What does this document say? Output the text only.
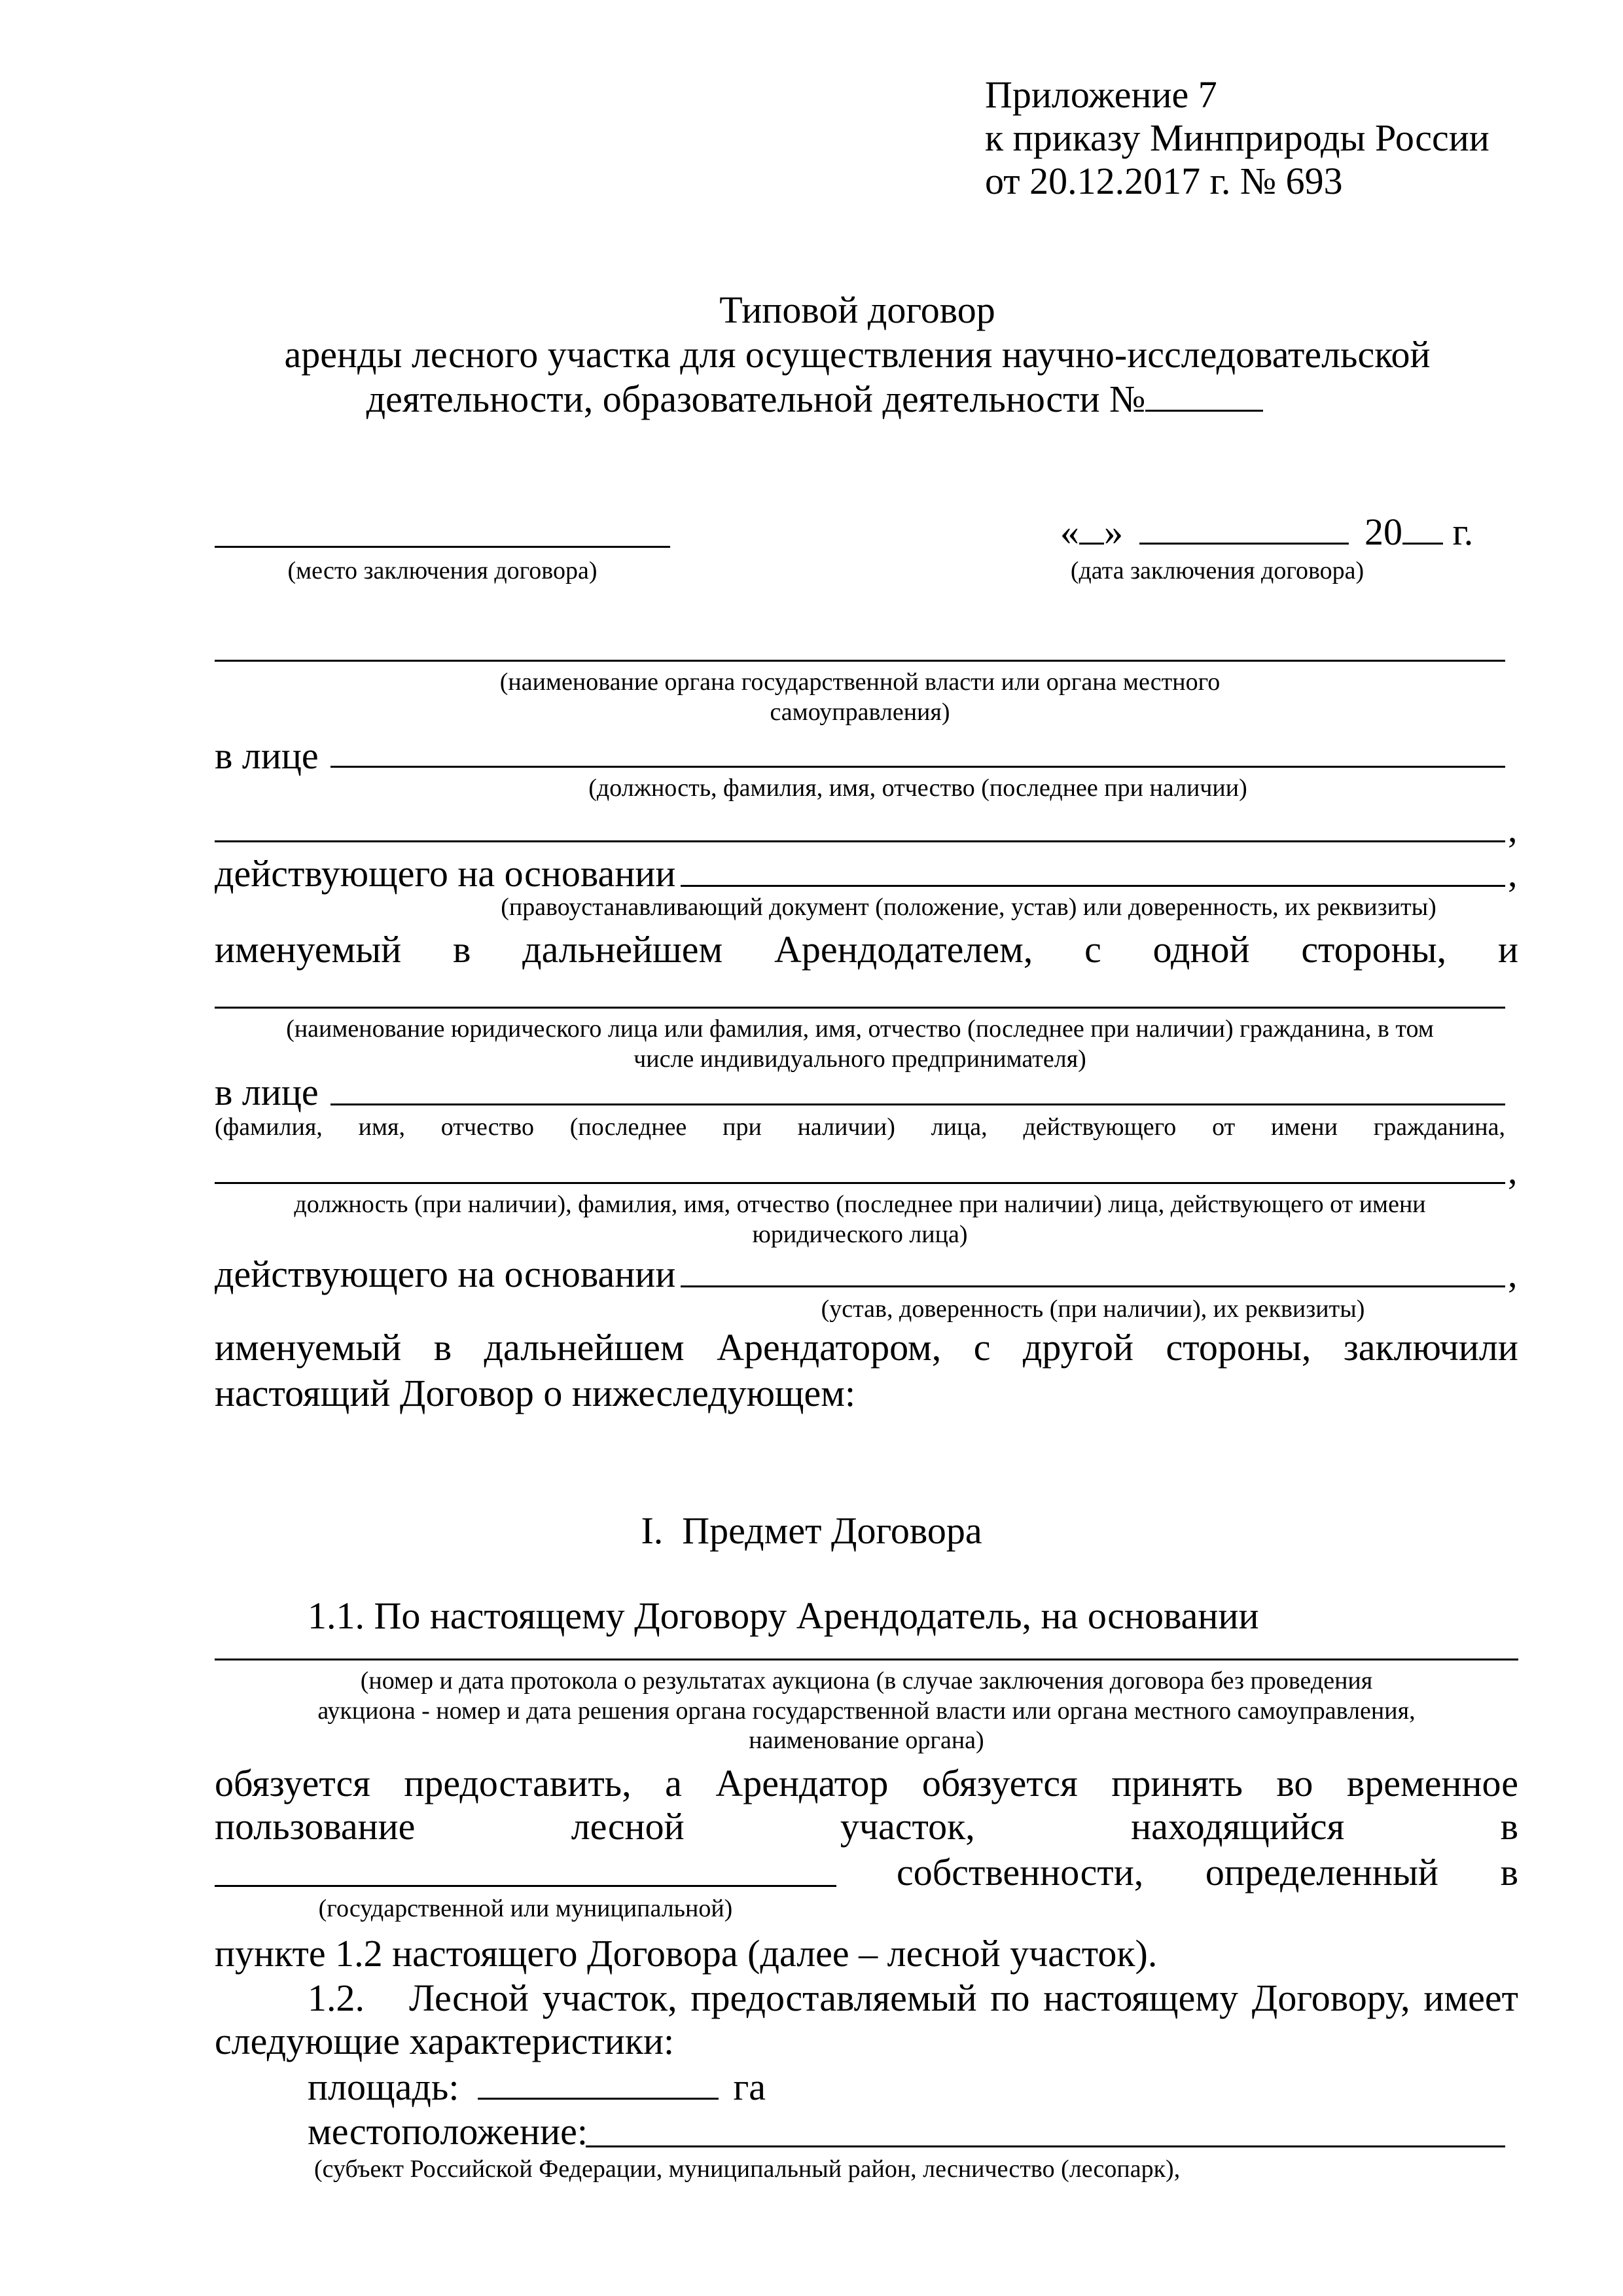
Приложение 7
к приказу Минприроды России
от 20.12.2017 г. № 693
Типовой договор
аренды лесного участка для осуществления научно-исследовательской
деятельности, образовательной деятельности №
« »	20 г.
(место заключения договора)	(дата заключения договора)
(наименование органа государственной власти или органа местного
самоуправления)
в лице
(должность, фамилия, имя, отчество (последнее при наличии)
,
действующего на основании	,
(правоустанавливающий документ (положение, устав) или доверенность, их реквизиты)
именуемый в дальнейшем Арендодателем, с одной стороны, и
(наименование юридического лица или фамилия, имя, отчество (последнее при наличии) гражданина, в том
числе индивидуального предпринимателя)
в лице
(фамилия, имя, отчество (последнее при наличии) лица, действующего от имени гражданина,
,
должность (при наличии), фамилия, имя, отчество (последнее при наличии) лица, действующего от имени
юридического лица)
действующего на основании	,
(устав, доверенность (при наличии), их реквизиты)
именуемый в дальнейшем Арендатором, с другой стороны, заключили
настоящий Договор о нижеследующем:
I.  Предмет Договора
1.1. По настоящему Договору Арендодатель, на основании
(номер и дата протокола о результатах аукциона (в случае заключения договора без проведения
аукциона - номер и дата решения органа государственной власти или органа местного самоуправления,
наименование органа)
обязуется предоставить, а Арендатор обязуется принять во временное
пользование	лесной	участок,	находящийся	в
собственности, определенный в
(государственной или муниципальной)
пункте 1.2 настоящего Договора (далее – лесной участок).
1.2. Лесной участок, предоставляемый по настоящему Договору, имеет
следующие характеристики:
площадь:	га
местоположение:
(субъект Российской Федерации, муниципальный район, лесничество (лесопарк),
